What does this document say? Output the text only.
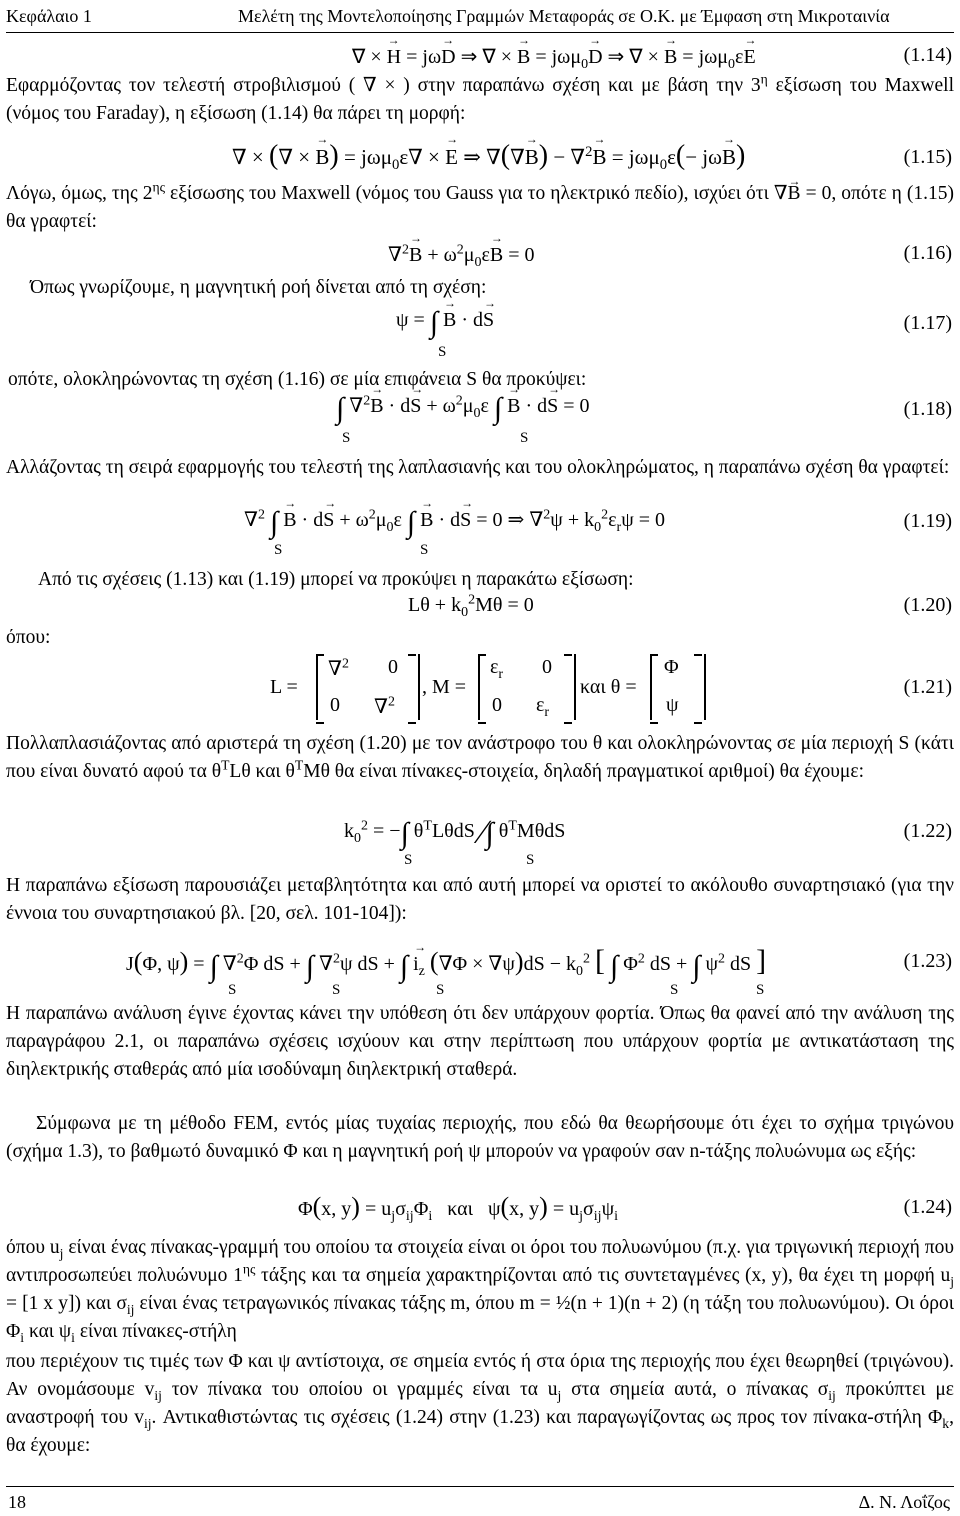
Κεφάλαιο 1	Μελέτη της Μοντελοποίησης Γραμμών Μεταφοράς σε Ο.Κ. με Έμφαση στη Μικροταινία
∇ × → H = jω→ D ⇒ ∇ × → B = jωμ$_0$→ D ⇒ ∇ × → B = jωμ$_0$ε→ E	(1.14)
Εφαρμόζοντας τον τελεστή στροβιλισμού ( ∇ × ) στην παραπάνω σχέση και με βάση την $3^\eta$ εξίσωση του Maxwell (νόμος του Faraday), η εξίσωση (1.14) θα πάρει τη μορφή:
∇ × (∇ × → B) = jωμ$_0$ε∇ × → E ⇒ ∇(∇→ B) − ∇$^2$→ B = jωμ$_0$ε(− jω→ B)	(1.15)
Λόγω, όμως, της $2^{\eta\varsigma}$ εξίσωσης του Maxwell (νόμος του Gauss για το ηλεκτρικό πεδίο), ισχύει ότι ∇→ B = 0, οπότε η (1.15) θα γραφτεί:
$\nabla^2\to B + \omega^2\mu_0\varepsilon\to B = 0$	(1.16)
Όπως γνωρίζουμε, η μαγνητική ροή δίνεται από τη σχέση:
ψ = ∫ → B · d→ S
S
(1.17)
οπότε, ολοκληρώνοντας τη σχέση (1.16) σε μία επιφάνεια S θα προκύψει:
∫ $\nabla^2\to B \cdot d\to S + \omega^2\mu_0\varepsilon$ ∫ → B · d→ S = 0
S	S
(1.18)
Αλλάζοντας τη σειρά εφαρμογής του τελεστή της λαπλασιανής και του ολοκληρώματος, η παραπάνω σχέση θα γραφτεί:
∇$^2$ ∫ → $B \cdot d\to S + \omega^2\mu_0\varepsilon$ ∫ → B · d→ S = 0 ⇒ $\nabla^2\psi + k_0^2\varepsilon_r\psi = 0$
S	S
(1.19)
Από τις σχέσεις (1.13) και (1.19) μπορεί να προκύψει η παρακάτω εξίσωση:
$L\theta + k_0^2M\theta = 0$	(1.20)
όπου:
L =
∇$^2$ 0
0 ∇$^2$
, M =
$\varepsilon_r$ 0
0 $\varepsilon_r$
και θ =
Φ
ψ
(1.21)
Πολλαπλασιάζοντας από αριστερά τη σχέση (1.20) με τον ανάστροφο του θ και ολοκληρώνοντας σε μία περιοχή S (κάτι που είναι δυνατό αφού τα $\theta^TL\theta$ και $\theta^TM\theta$ θα είναι πίνακες-στοιχεία, δηλαδή πραγματικοί αριθμοί) θα έχουμε:
$k_0^2$ = −∫ $\theta^TL\theta dS$ ∕∫ $\theta^TM\theta dS$
S	S
(1.22)
Η παραπάνω εξίσωση παρουσιάζει μεταβλητότητα και από αυτή μπορεί να οριστεί το ακόλουθο συναρτησιακό (για την έννοια του συναρτησιακού βλ. [20, σελ. 101-104]):
J(Φ, ψ) = ∫ ∇$^2$Φ dS + ∫ ∇$^2$ψ dS + ∫ → $i_z$ $(\nabla\Phi \times \nabla\psi)dS - k_0^2$ [ ∫ $\Phi^2$ dS + ∫ $\psi^2$ dS ]
S	S	S	S	S
(1.23)
Η παραπάνω ανάλυση έγινε έχοντας κάνει την υπόθεση ότι δεν υπάρχουν φορτία. Όπως θα φανεί από την ανάλυση της παραγράφου 2.1, οι παραπάνω σχέσεις ισχύουν και στην περίπτωση που υπάρχουν φορτία με αντικατάσταση της διηλεκτρικής σταθεράς από μία ισοδύναμη διηλεκτρική σταθερά.
Σύμφωνα με τη μέθοδο FEM, εντός μίας τυχαίας περιοχής, που εδώ θα θεωρήσουμε ότι έχει το σχήμα τριγώνου (σχήμα 1.3), το βαθμωτό δυναμικό Φ και η μαγνητική ροή ψ μπορούν να γραφούν σαν n-τάξης πολυώνυμα ως εξής:
Φ(x, $y) = u_j\sigma_{ij}\Phi_i$   και   ψ(x, $y) = u_j\sigma_{ij}\psi_i$	(1.24)
όπου $u_j$ είναι ένας πίνακας-γραμμή του οποίου τα στοιχεία είναι οι όροι του πολυωνύμου (π.χ. για τριγωνική περιοχή που αντιπροσωπεύει πολυώνυμο $1^{\eta\varsigma}$ τάξης και τα σημεία χαρακτηρίζονται από τις συντεταγμένες (x, y), θα έχει τη μορφή $u_j = [1$ x y]) και $\sigma_{ij}$ είναι ένας τετραγωνικός πίνακας τάξης m, όπου m = ½(n + 1)(n + 2) (η τάξη του πολυωνύμου). Οι όροι $\Phi_i$ και $\psi_i$ είναι πίνακες-στήλη
που περιέχουν τις τιμές των Φ και ψ αντίστοιχα, σε σημεία εντός ή στα όρια της περιοχής που έχει θεωρηθεί (τριγώνου). Αν ονομάσουμε $v_{ij}$ τον πίνακα του οποίου οι γραμμές είναι τα $u_j$ στα σημεία αυτά, ο πίνακας $\sigma_{ij}$ προκύπτει με αναστροφή του $v_{ij}$. Αντικαθιστώντας τις σχέσεις (1.24) στην (1.23) και παραγωγίζοντας ως προς τον πίνακα-στήλη $\Phi_k$, θα έχουμε:
18	Δ. Ν. Λοΐζος
